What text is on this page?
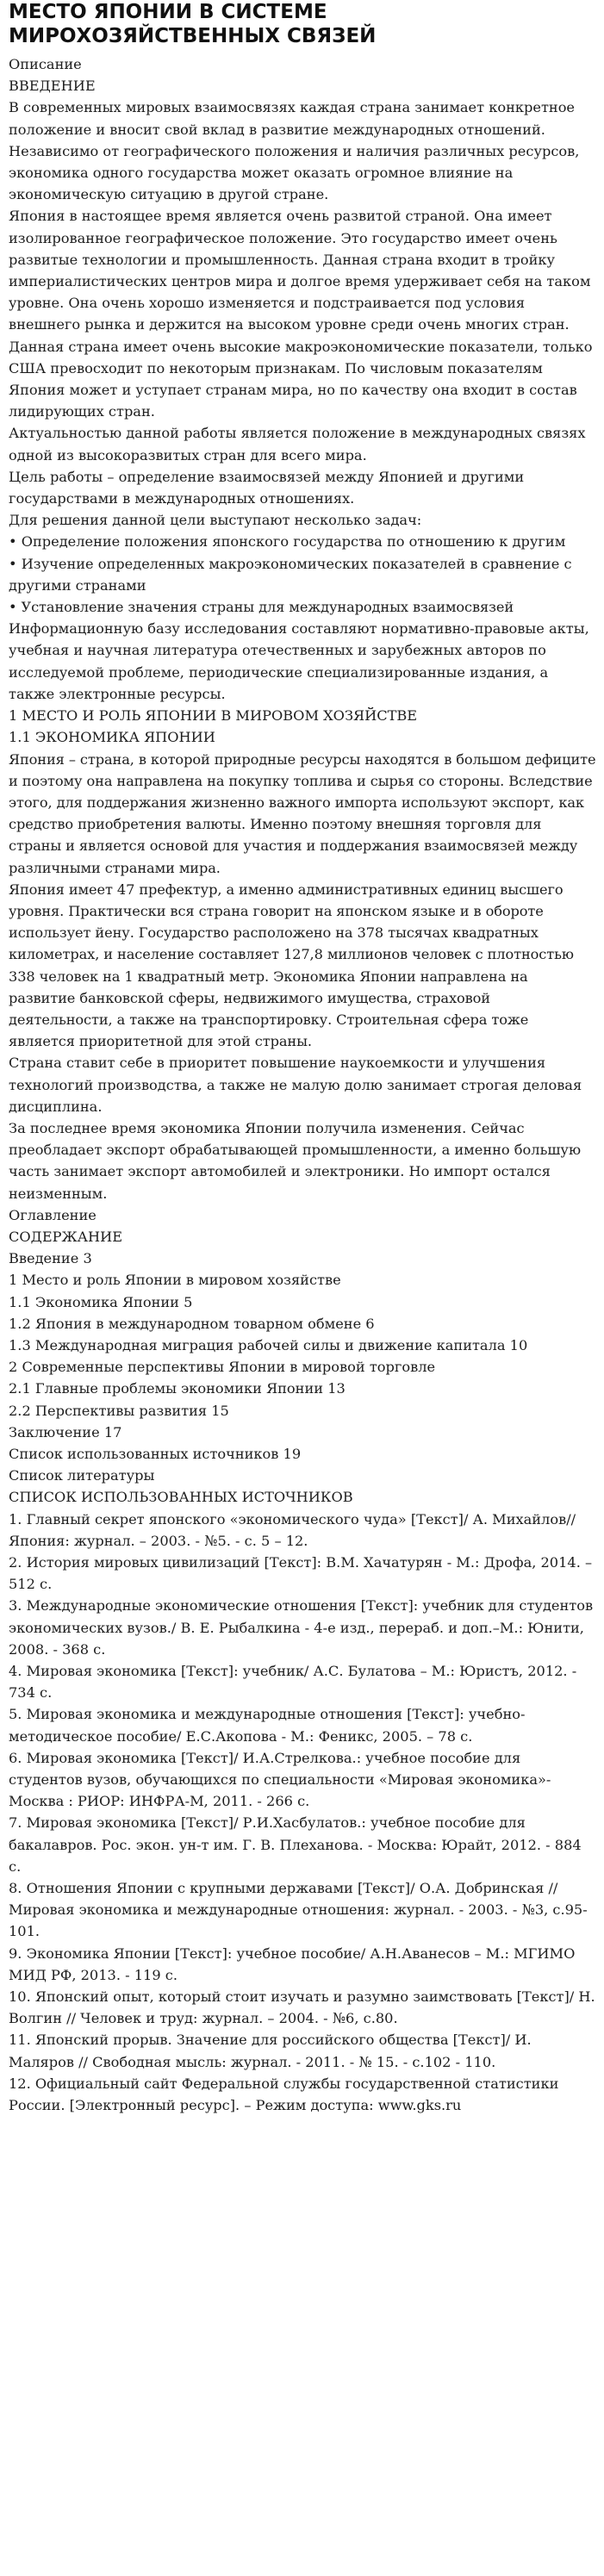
МЕСТО ЯПОНИИ В СИСТЕМЕ МИРОХОЗЯЙСТВЕННЫХ СВЯЗЕЙ

Описание

ВВЕДЕНИЕ

В современных мировых взаимосвязях каждая страна занимает конкретное положение и вносит свой вклад в развитие международных отношений. Независимо от географического положения и наличия различных ресурсов, экономика одного государства может оказать огромное влияние на экономическую ситуацию в другой стране.

Япония в настоящее время является очень развитой страной. Она имеет изолированное географическое положение. Это государство имеет очень развитые технологии и промышленность. Данная страна входит в тройку империалистических центров мира и долгое время удерживает себя на таком уровне. Она очень хорошо изменяется и подстраивается под условия внешнего рынка и держится на высоком уровне среди очень многих стран.

Данная страна имеет очень высокие макроэкономические показатели, только США превосходит по некоторым признакам. По числовым показателям Япония может и уступает странам мира, но по качеству она входит в состав лидирующих стран.

Актуальностью данной работы является положение в международных связях одной из высокоразвитых стран для всего мира.

Цель работы – определение взаимосвязей между Японией и другими государствами в международных отношениях.

Для решения данной цели выступают несколько задач:

• Определение положения японского государства по отношению к другим

• Изучение определенных макроэкономических показателей в сравнение с другими странами

• Установление значения страны для международных взаимосвязей

Информационную базу исследования составляют нормативно-правовые акты, учебная и научная литература отечественных и зарубежных авторов по исследуемой проблеме, периодические специализированные издания, а также электронные ресурсы.

1 МЕСТО И РОЛЬ ЯПОНИИ В МИРОВОМ ХОЗЯЙСТВЕ

1.1 ЭКОНОМИКА ЯПОНИИ

Япония – страна, в которой природные ресурсы находятся в большом дефиците и поэтому она направлена на покупку топлива и сырья со стороны. Вследствие этого, для поддержания жизненно важного импорта используют экспорт, как средство приобретения валюты. Именно поэтому внешняя торговля для страны и является основой для участия и поддержания взаимосвязей между различными странами мира.

Япония имеет 47 префектур, а именно административных единиц высшего уровня. Практически вся страна говорит на японском языке и в обороте использует йену. Государство расположено на 378 тысячах квадратных километрах, и население составляет 127,8 миллионов человек с плотностью 338 человек на 1 квадратный метр. Экономика Японии направлена на развитие банковской сферы, недвижимого имущества, страховой деятельности, а также на транспортировку. Строительная сфера тоже является приоритетной для этой страны.

Страна ставит себе в приоритет повышение наукоемкости и улучшения технологий производства, а также не малую долю занимает строгая деловая дисциплина.

За последнее время экономика Японии получила изменения. Сейчас преобладает экспорт обрабатывающей промышленности, а именно большую часть занимает экспорт автомобилей и электроники. Но импорт остался неизменным.

Оглавление

СОДЕРЖАНИЕ

Введение 3

1 Место и роль Японии в мировом хозяйстве

1.1 Экономика Японии 5

1.2 Япония в международном товарном обмене 6

1.3 Международная миграция рабочей силы и движение капитала 10

2 Современные перспективы Японии в мировой торговле

2.1 Главные проблемы экономики Японии 13

2.2 Перспективы развития 15

Заключение 17

Список использованных источников 19

Список литературы

СПИСОК ИСПОЛЬЗОВАННЫХ ИСТОЧНИКОВ

1. Главный секрет японского «экономического чуда» [Текст]/ А. Михайлов// Япония: журнал. – 2003. - №5. - с. 5 – 12.

2. История мировых цивилизаций [Текст]: В.М. Хачатурян - М.: Дрофа, 2014. – 512 с.

3. Международные экономические отношения [Текст]: учебник для студентов экономических вузов./ В. Е. Рыбалкина - 4-е изд., перераб. и доп.–М.: Юнити, 2008. - 368 с.

4. Мировая экономика [Текст]: учебник/ А.С. Булатова – М.: Юристъ, 2012. - 734 с.

5. Мировая экономика и международные отношения [Текст]: учебно-методическое пособие/ Е.С.Акопова - М.: Феникс, 2005. – 78 с.

6. Мировая экономика [Текст]/ И.А.Стрелкова.: учебное пособие для студентов вузов, обучающихся по специальности «Мировая экономика»- Москва : РИОР: ИНФРА-М, 2011. - 266 с.

7. Мировая экономика [Текст]/ Р.И.Хасбулатов.: учебное пособие для бакалавров. Рос. экон. ун-т им. Г. В. Плеханова. - Москва: Юрайт, 2012. - 884 с.

8. Отношения Японии с крупными державами [Текст]/ О.А. Добринская // Мировая экономика и международные отношения: журнал. - 2003. - №3, с.95-101.

9. Экономика Японии [Текст]: учебное пособие/ А.Н.Аванесов – М.: МГИМО МИД РФ, 2013. - 119 с.

10. Японский опыт, который стоит изучать и разумно заимствовать [Текст]/ Н. Волгин // Человек и труд: журнал. – 2004. - №6, с.80.

11. Японский прорыв. Значение для российского общества [Текст]/ И. Маляров // Свободная мысль: журнал. - 2011. - № 15. - с.102 - 110.

12. Официальный сайт Федеральной службы государственной статистики России. [Электронный ресурс]. – Режим доступа: www.gks.ru
